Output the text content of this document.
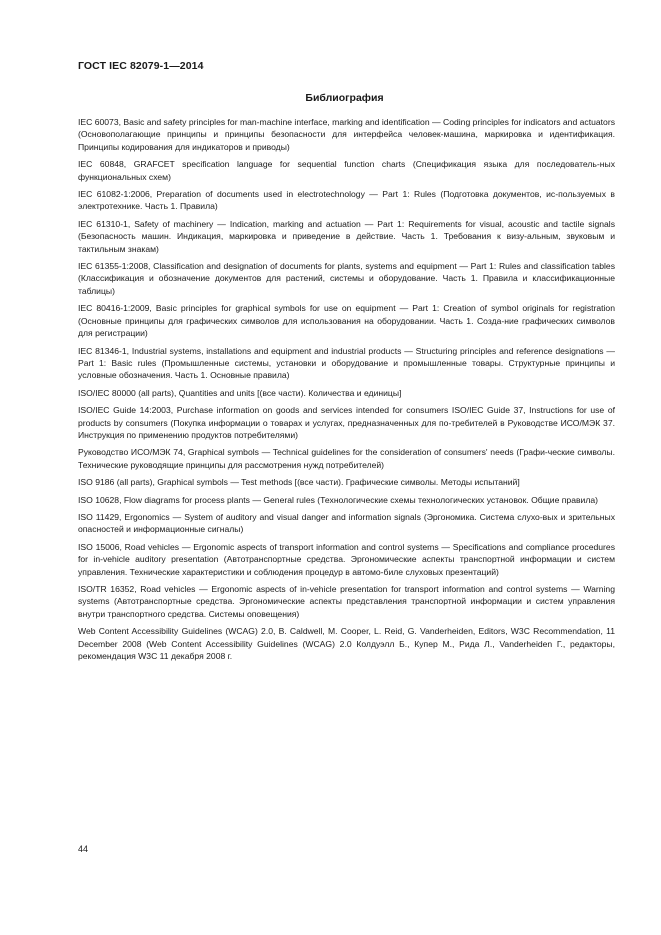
ГОСТ IEC 82079-1—2014
Библиография
IEC 60073, Basic and safety principles for man-machine interface, marking and identification — Coding principles for indicators and actuators (Основополагающие принципы и принципы безопасности для интерфейса человек-машина, маркировка и идентификация. Принципы кодирования для индикаторов и приводы)
IEC 60848, GRAFCET specification language for sequential function charts (Спецификация языка для последователь-ных функциональных схем)
IEC 61082-1:2006, Preparation of documents used in electrotechnology — Part 1: Rules (Подготовка документов, ис-пользуемых в электротехнике. Часть 1. Правила)
IEC 61310-1, Safety of machinery — Indication, marking and actuation — Part 1: Requirements for visual, acoustic and tactile signals (Безопасность машин. Индикация, маркировка и приведение в действие. Часть 1. Требования к визу-альным, звуковым и тактильным знакам)
IEC 61355-1:2008, Classification and designation of documents for plants, systems and equipment — Part 1: Rules and classification tables (Классификация и обозначение документов для растений, системы и оборудование. Часть 1. Правила и классификационные таблицы)
IEC 80416-1:2009, Basic principles for graphical symbols for use on equipment — Part 1: Creation of symbol originals for registration (Основные принципы для графических символов для использования на оборудовании. Часть 1. Созда-ние графических символов для регистрации)
IEC 81346-1, Industrial systems, installations and equipment and industrial products — Structuring principles and reference designations — Part 1: Basic rules (Промышленные системы, установки и оборудование и промышленные товары. Структурные принципы и условные обозначения. Часть 1. Основные правила)
ISO/IEC 80000 (all parts), Quantities and units [(все части). Количества и единицы]
ISO/IEC Guide 14:2003, Purchase information on goods and services intended for consumers ISO/IEC Guide 37, Instructions for use of products by consumers (Покупка информации о товарах и услугах, предназначенных для по-требителей в Руководстве ИСО/МЭК 37. Инструкция по применению продуктов потребителями)
Руководство ИСО/МЭК 74, Graphical symbols — Technical guidelines for the consideration of consumers' needs (Графи-ческие символы. Технические руководящие принципы для рассмотрения нужд потребителей)
ISO 9186 (all parts), Graphical symbols — Test methods [(все части). Графические символы. Методы испытаний]
ISO 10628, Flow diagrams for process plants — General rules (Технологические схемы технологических установок. Общие правила)
ISO 11429, Ergonomics — System of auditory and visual danger and information signals (Эргономика. Система слухо-вых и зрительных опасностей и информационные сигналы)
ISO 15006, Road vehicles — Ergonomic aspects of transport information and control systems — Specifications and compliance procedures for in-vehicle auditory presentation (Автотранспортные средства. Эргономические аспекты транспортной информации и систем управления. Технические характеристики и соблюдения процедур в автомо-биле слуховых презентаций)
ISO/TR 16352, Road vehicles — Ergonomic aspects of in-vehicle presentation for transport information and control systems — Warning systems (Автотранспортные средства. Эргономические аспекты представления транспортной информации и систем управления внутри транспортного средства. Системы оповещения)
Web Content Accessibility Guidelines (WCAG) 2.0, B. Caldwell, M. Cooper, L. Reid, G. Vanderheiden, Editors, W3C Recommendation, 11 December 2008 (Web Content Accessibility Guidelines (WCAG) 2.0 Колдуэлл Б., Купер М., Рида Л., Vanderheiden Г., редакторы, рекомендация W3C 11 декабря 2008 г.
44
